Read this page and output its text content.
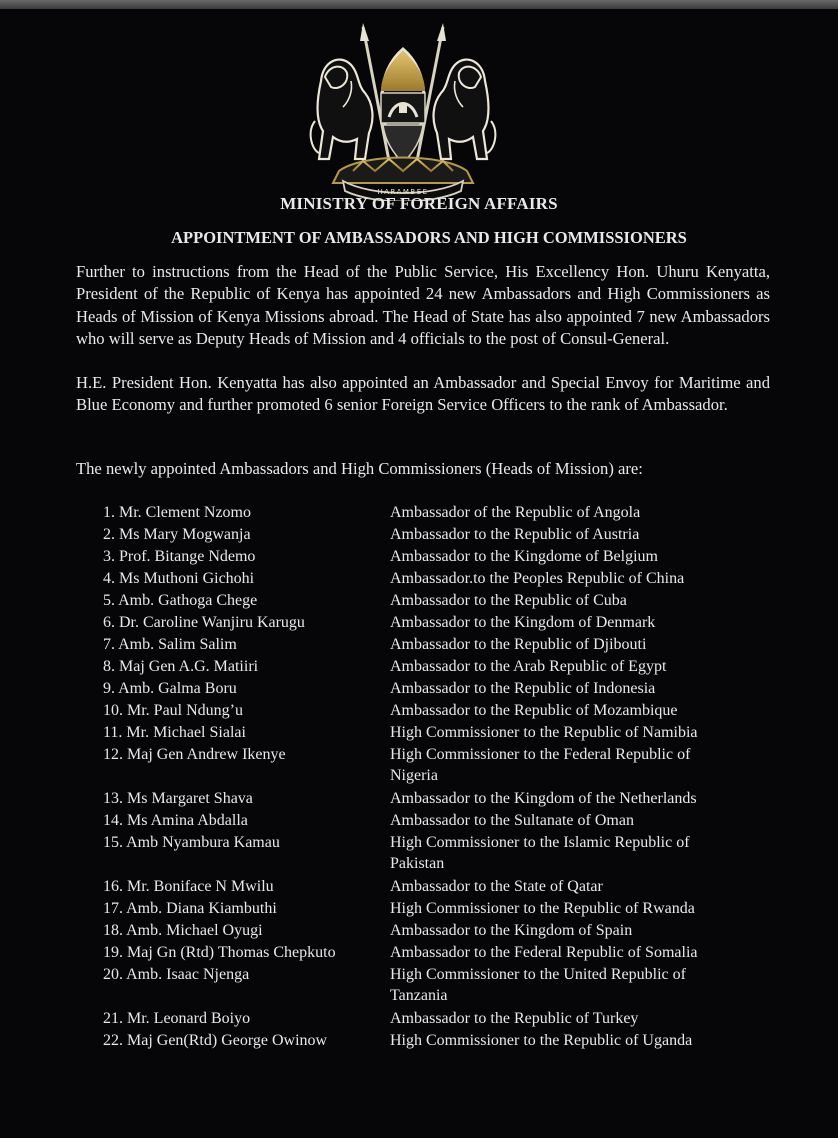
HARAMBEE
MINISTRY OF FOREIGN AFFAIRS
APPOINTMENT OF AMBASSADORS AND HIGH COMMISSIONERS
Further to instructions from the Head of the Public Service, His Excellency Hon. Uhuru Kenyatta, President of the Republic of Kenya has appointed 24 new Ambassadors and High Commissioners as Heads of Mission of Kenya Missions abroad. The Head of State has also appointed 7 new Ambassadors who will serve as Deputy Heads of Mission and 4 officials to the post of Consul-General.
H.E. President Hon. Kenyatta has also appointed an Ambassador and Special Envoy for Maritime and Blue Economy and further promoted 6 senior Foreign Service Officers to the rank of Ambassador.
The newly appointed Ambassadors and High Commissioners (Heads of Mission) are:
1. Mr. Clement Nzomo	Ambassador of the Republic of Angola
2. Ms Mary Mogwanja	Ambassador to the Republic of Austria
3. Prof. Bitange Ndemo	Ambassador to the Kingdome of Belgium
4. Ms Muthoni Gichohi	Ambassador.to the Peoples Republic of China
5. Amb. Gathoga Chege	Ambassador to the Republic of Cuba
6. Dr. Caroline Wanjiru Karugu	Ambassador to the Kingdom of Denmark
7. Amb. Salim Salim	Ambassador to the Republic of Djibouti
8. Maj Gen A.G. Matiiri	Ambassador to the Arab Republic of Egypt
9. Amb. Galma Boru	Ambassador to the Republic of Indonesia
10. Mr. Paul Ndung’u	Ambassador to the Republic of Mozambique
11. Mr. Michael Sialai	High Commissioner to the Republic of Namibia
12. Maj Gen Andrew Ikenye	High Commissioner to the Federal Republic of Nigeria
13. Ms Margaret Shava	Ambassador to the Kingdom of the Netherlands
14. Ms Amina Abdalla	Ambassador to the Sultanate of Oman
15. Amb Nyambura Kamau	High Commissioner to the Islamic Republic of Pakistan
16. Mr. Boniface N Mwilu	Ambassador to the State of Qatar
17. Amb. Diana Kiambuthi	High Commissioner to the Republic of Rwanda
18. Amb. Michael Oyugi	Ambassador to the Kingdom of Spain
19. Maj Gn (Rtd) Thomas Chepkuto	Ambassador to the Federal Republic of Somalia
20. Amb. Isaac Njenga	High Commissioner to the United Republic of Tanzania
21. Mr. Leonard Boiyo	Ambassador to the Republic of Turkey
22. Maj Gen(Rtd) George Owinow	High Commissioner to the Republic of Uganda
